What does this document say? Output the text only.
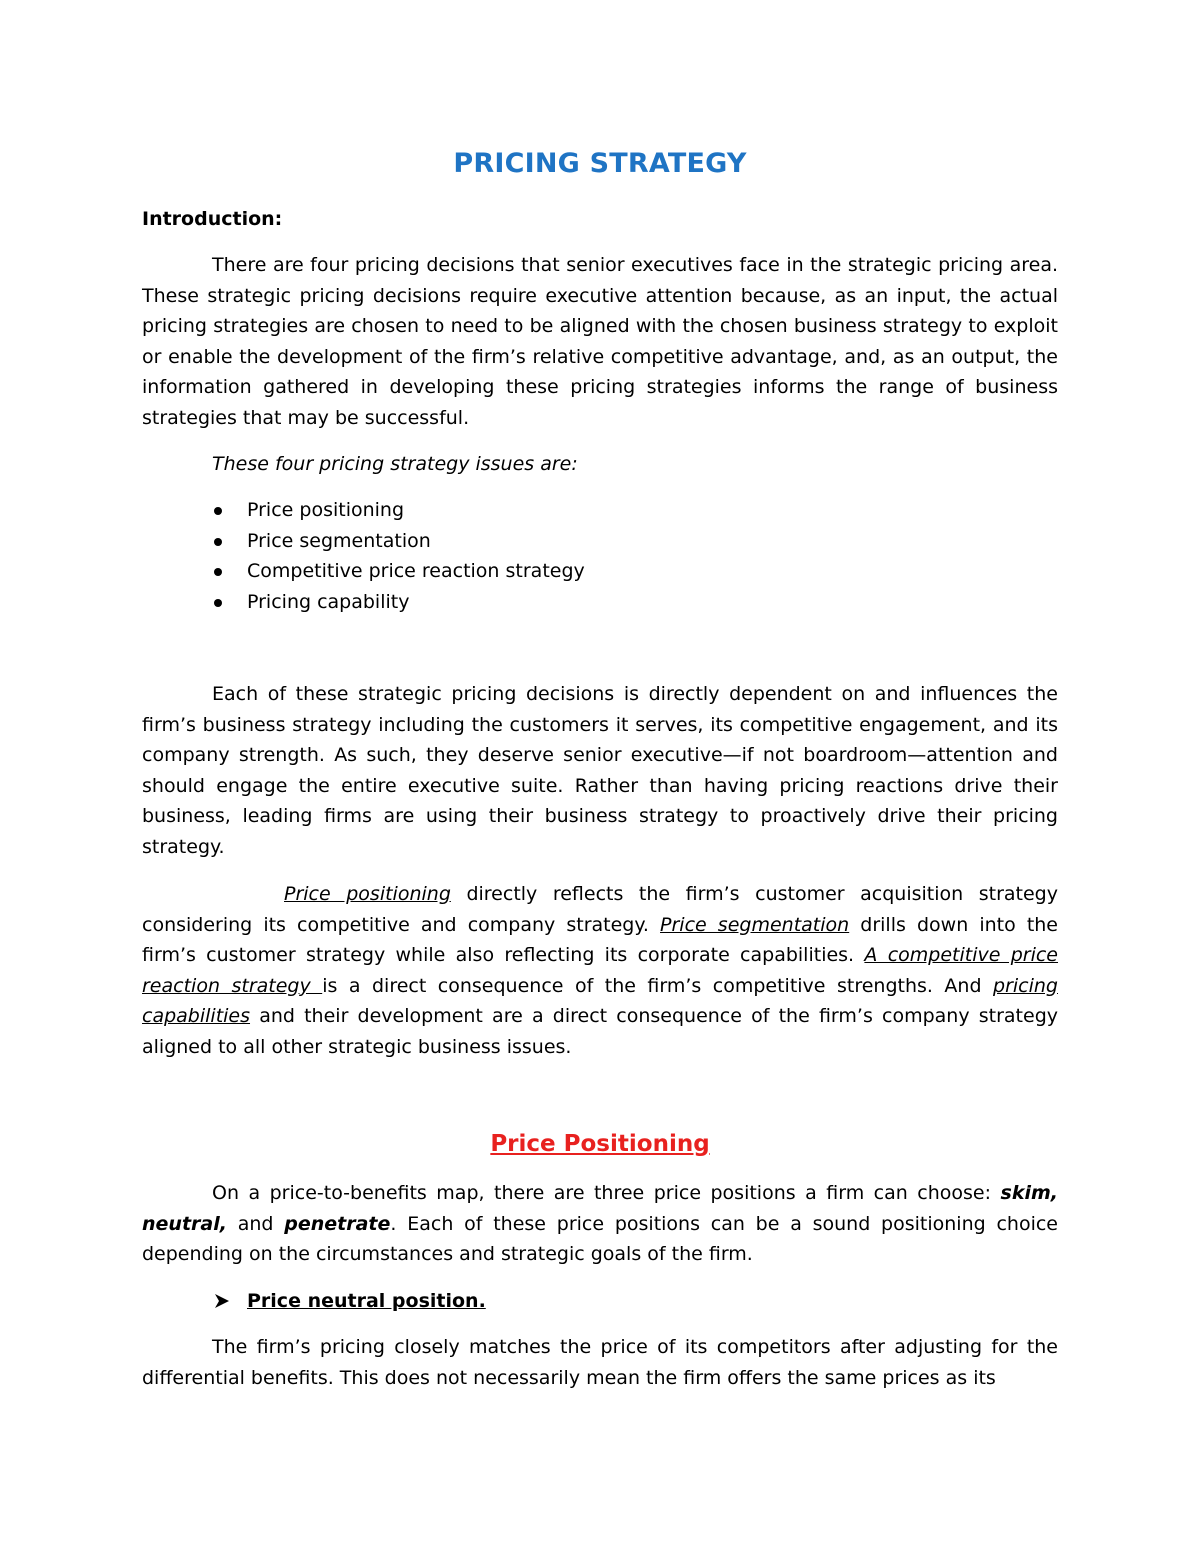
PRICING STRATEGY
Introduction:
There are four pricing decisions that senior executives face in the strategic pricing area. These strategic pricing decisions require executive attention because, as an input, the actual pricing strategies are chosen to need to be aligned with the chosen business strategy to exploit or enable the development of the firm’s relative competitive advantage, and, as an output, the information gathered in developing these pricing strategies informs the range of business strategies that may be successful.
These four pricing strategy issues are:
Price positioning
Price segmentation
Competitive price reaction strategy
Pricing capability
Each of these strategic pricing decisions is directly dependent on and influences the firm’s business strategy including the customers it serves, its competitive engagement, and its company strength. As such, they deserve senior executive—if not boardroom—attention and should engage the entire executive suite. Rather than having pricing reactions drive their business, leading firms are using their business strategy to proactively drive their pricing strategy.
Price positioning directly reflects the firm’s customer acquisition strategy considering its competitive and company strategy. Price segmentation drills down into the firm’s customer strategy while also reflecting its corporate capabilities. A competitive price reaction strategy is a direct consequence of the firm’s competitive strengths. And pricing capabilities and their development are a direct consequence of the firm’s company strategy aligned to all other strategic business issues.
Price Positioning
On a price-to-benefits map, there are three price positions a firm can choose: skim, neutral, and penetrate. Each of these price positions can be a sound positioning choice depending on the circumstances and strategic goals of the firm.
Price neutral position.
The firm’s pricing closely matches the price of its competitors after adjusting for the differential benefits. This does not necessarily mean the firm offers the same prices as its
